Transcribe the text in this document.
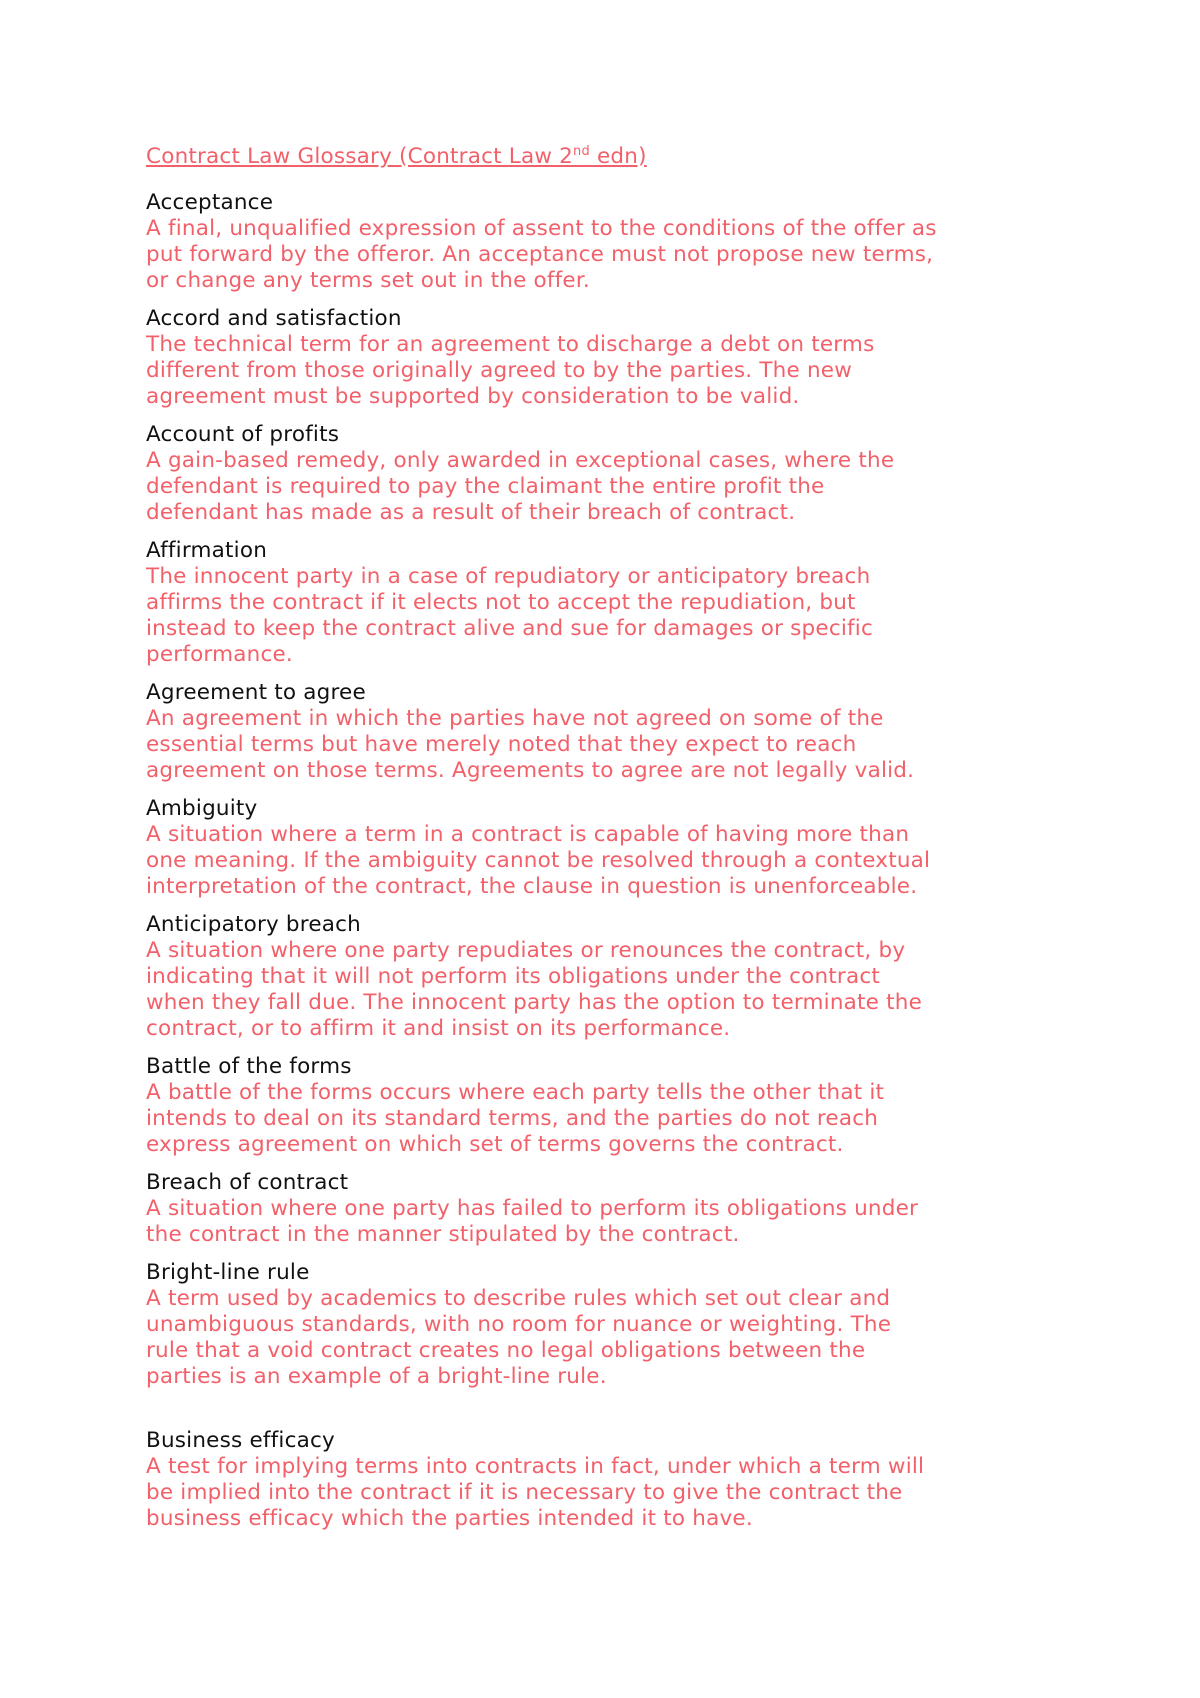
Contract Law Glossary (Contract Law 2nd edn)
Acceptance
A final, unqualified expression of assent to the conditions of the offer as
put forward by the offeror. An acceptance must not propose new terms,
or change any terms set out in the offer.
Accord and satisfaction
The technical term for an agreement to discharge a debt on terms
different from those originally agreed to by the parties. The new
agreement must be supported by consideration to be valid.
Account of profits
A gain-based remedy, only awarded in exceptional cases, where the
defendant is required to pay the claimant the entire profit the
defendant has made as a result of their breach of contract.
Affirmation
The innocent party in a case of repudiatory or anticipatory breach
affirms the contract if it elects not to accept the repudiation, but
instead to keep the contract alive and sue for damages or specific
performance.
Agreement to agree
An agreement in which the parties have not agreed on some of the
essential terms but have merely noted that they expect to reach
agreement on those terms. Agreements to agree are not legally valid.
Ambiguity
A situation where a term in a contract is capable of having more than
one meaning. If the ambiguity cannot be resolved through a contextual
interpretation of the contract, the clause in question is unenforceable.
Anticipatory breach
A situation where one party repudiates or renounces the contract, by
indicating that it will not perform its obligations under the contract
when they fall due. The innocent party has the option to terminate the
contract, or to affirm it and insist on its performance.
Battle of the forms
A battle of the forms occurs where each party tells the other that it
intends to deal on its standard terms, and the parties do not reach
express agreement on which set of terms governs the contract.
Breach of contract
A situation where one party has failed to perform its obligations under
the contract in the manner stipulated by the contract.
Bright-line rule
A term used by academics to describe rules which set out clear and
unambiguous standards, with no room for nuance or weighting. The
rule that a void contract creates no legal obligations between the
parties is an example of a bright-line rule.
Business efficacy
A test for implying terms into contracts in fact, under which a term will
be implied into the contract if it is necessary to give the contract the
business efficacy which the parties intended it to have.
